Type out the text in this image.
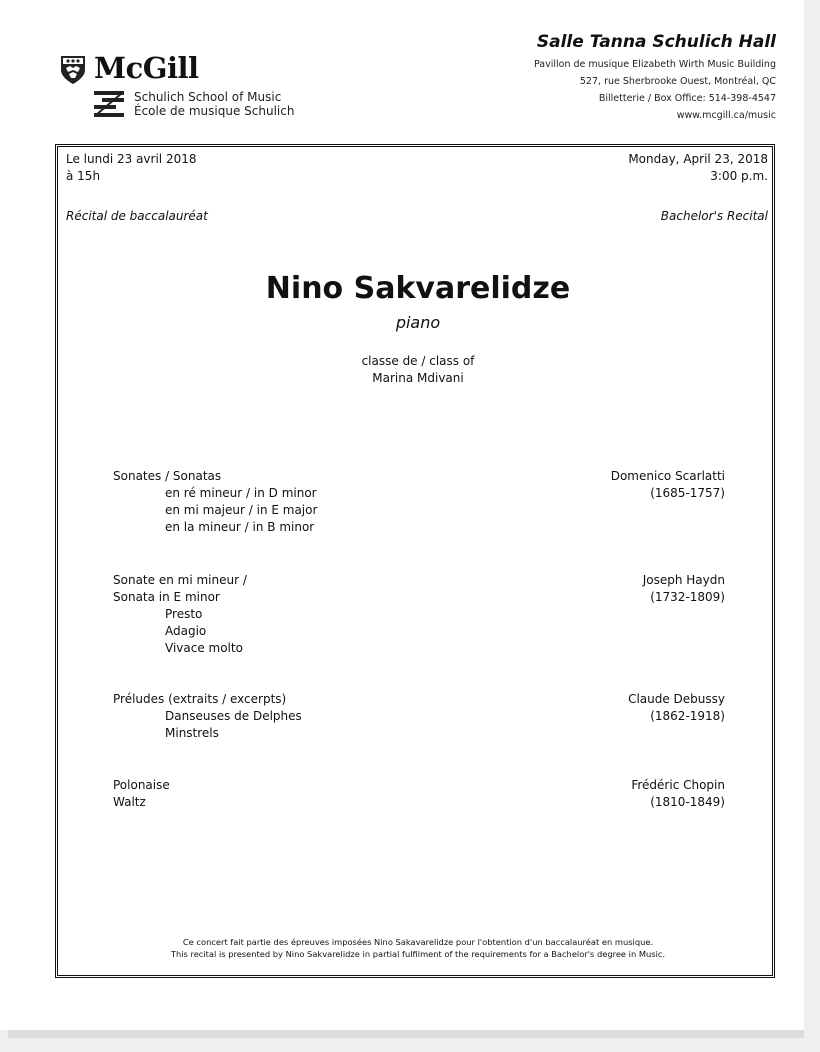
McGill
Schulich School of Music
École de musique Schulich
Salle Tanna Schulich Hall
Pavillon de musique Elizabeth Wirth Music Building
527, rue Sherbrooke Ouest, Montréal, QC
Billetterie / Box Office: 514-398-4547
www.mcgill.ca/music
Le lundi 23 avril 2018
à 15h
Monday, April 23, 2018
3:00 p.m.
Récital de baccalauréat	Bachelor's Recital
Nino Sakvarelidze
piano
classe de / class of
Marina Mdivani
Sonates / Sonatas
en ré mineur / in D minor
en mi majeur / in E major
en la mineur / in B minor
Domenico Scarlatti
(1685-1757)
Sonate en mi mineur /
Sonata in E minor
Presto
Adagio
Vivace molto
Joseph Haydn
(1732-1809)
Préludes (extraits / excerpts)
Danseuses de Delphes
Minstrels
Claude Debussy
(1862-1918)
Polonaise
Waltz
Frédéric Chopin
(1810-1849)
Ce concert fait partie des épreuves imposées Nino Sakavarelidze pour l'obtention d'un baccalauréat en musique.
This recital is presented by Nino Sakvarelidze in partial fulfilment of the requirements for a Bachelor's degree in Music.
